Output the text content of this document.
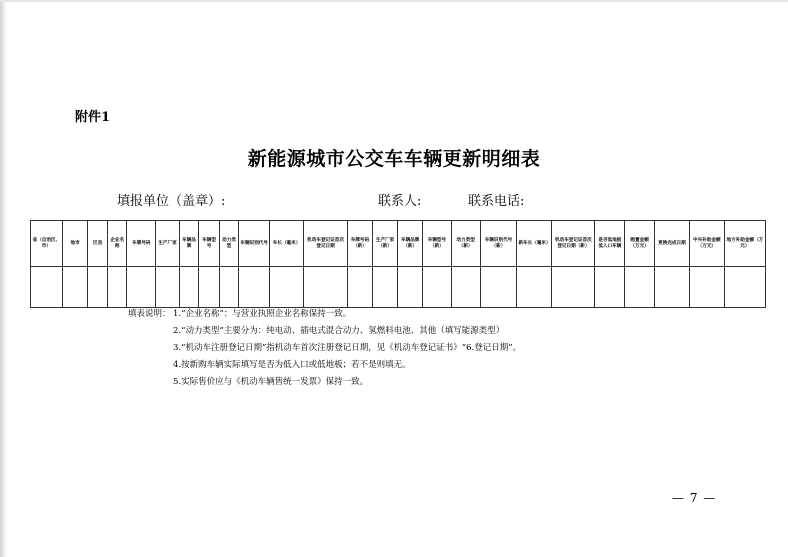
附件1
新能源城市公交车车辆更新明细表
填报单位（盖章）:	联系人:	联系电话:
省（自治区、市）	地市	区县	企业名称	车牌号码	生产厂家	车辆品牌	车辆型号	动力类型	车辆识别代号	车长（毫米）	机动车登记证首次登记日期	车牌号码（新）	生产厂家（新）	车辆品牌（新）	车辆型号（新）	动力类型（新）	车辆识别代号（新）	新车长（毫米）	机动车登记证首次登记日期（新）	是否低地板低入口车辆	购置金额（万元）	更换完成日期	中央补助金额（万元）	地方补助金额（万元）

填表说明： 1.“企业名称”：与营业执照企业名称保持一致。
2.“动力类型”主要分为：纯电动、插电式混合动力、氢燃料电池、其他（填写能源类型）
3.“机动车注册登记日期”指机动车首次注册登记日期，见《机动车登记证书》“6.登记日期”。
4.按新购车辆实际填写是否为低入口或低地板；若不是则填无。
5.实际售价应与《机动车辆售统一发票》保持一致。
— 7 —
